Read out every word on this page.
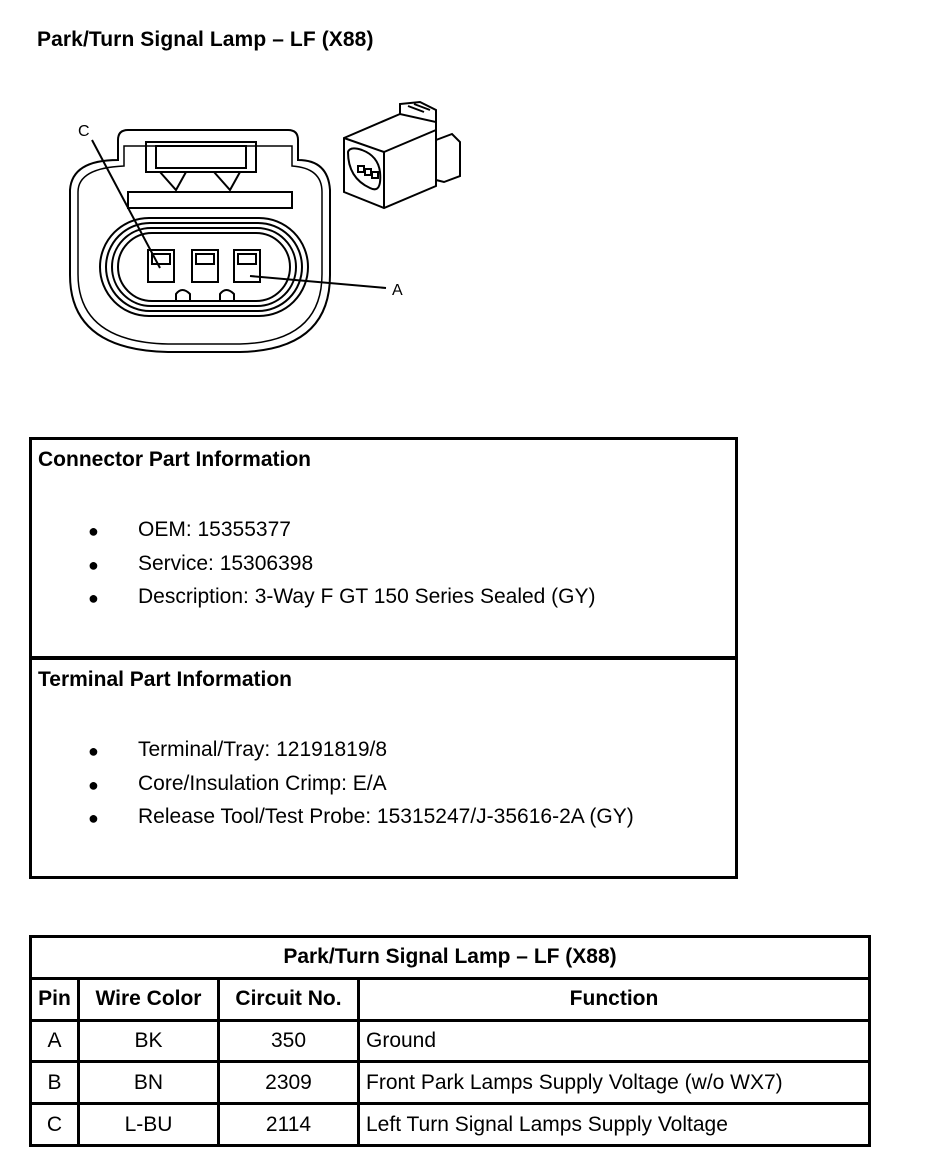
Park/Turn Signal Lamp – LF (X88)
C
A
Connector Part Information
● OEM: 15355377
● Service: 15306398
● Description: 3-Way F GT 150 Series Sealed (GY)
Terminal Part Information
● Terminal/Tray: 12191819/8
● Core/Insulation Crimp: E/A
● Release Tool/Test Probe: 15315247/J-35616-2A (GY)
Park/Turn Signal Lamp – LF (X88)			
Pin	Wire Color	Circuit No.	Function
A	BK	350	Ground
B	BN	2309	Front Park Lamps Supply Voltage (w/o WX7)
C	L-BU	2114	Left Turn Signal Lamps Supply Voltage
